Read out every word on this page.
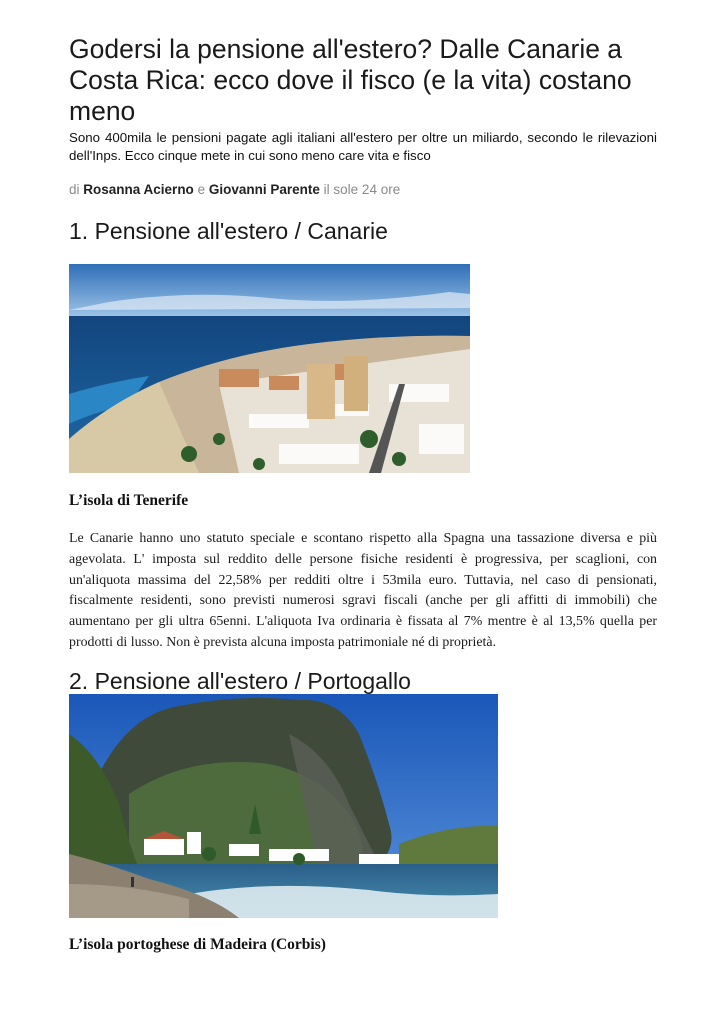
Godersi la pensione all'estero? Dalle Canarie a Costa Rica: ecco dove il fisco (e la vita) costano meno

Sono 400mila le pensioni pagate agli italiani all'estero per oltre un miliardo, secondo le rilevazioni dell'Inps. Ecco cinque mete in cui sono meno care vita e fisco

di Rosanna Acierno e Giovanni Parente il sole 24 ore
1. Pensione all'estero / Canarie
L’isola di Tenerife

Le Canarie hanno uno statuto speciale e scontano rispetto alla Spagna una tassazione diversa e più agevolata. L' imposta sul reddito delle persone fisiche residenti è progressiva, per scaglioni, con un'aliquota massima del 22,58% per redditi oltre i 53mila euro. Tuttavia, nel caso di pensionati, fiscalmente residenti, sono previsti numerosi sgravi fiscali (anche per gli affitti di immobili) che aumentano per gli ultra 65enni. L'aliquota Iva ordinaria è fissata al 7% mentre è al 13,5% quella per prodotti di lusso. Non è prevista alcuna imposta patrimoniale né di proprietà.

2. Pensione all'estero / Portogallo
L’isola portoghese di Madeira (Corbis)
